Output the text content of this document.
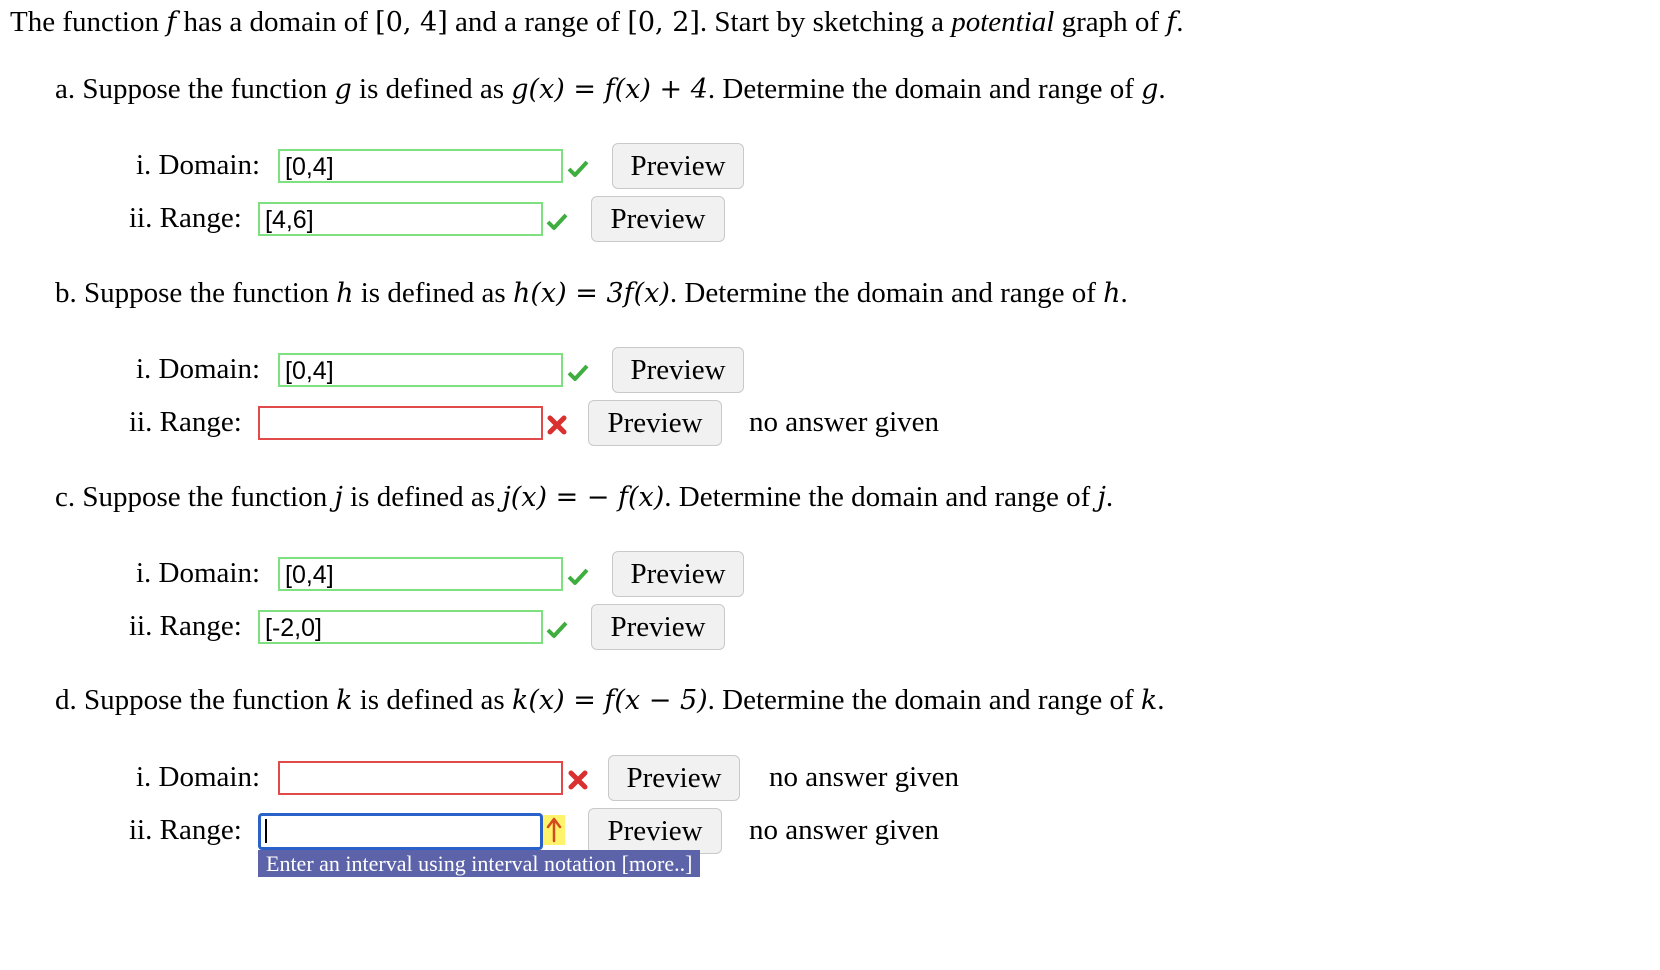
The function f has a domain of [0, 4] and a range of [0, 2]. Start by sketching a potential graph of f.
a. Suppose the function g is defined as g(x) = f(x) + 4. Determine the domain and range of g.
i. Domain: [0,4]	Preview
ii. Range: [4,6]	Preview
b. Suppose the function h is defined as h(x) = 3f(x). Determine the domain and range of h.
i. Domain: [0,4]	Preview
ii. Range:	Preview	no answer given
c. Suppose the function j is defined as j(x) = − f(x). Determine the domain and range of j.
i. Domain: [0,4]	Preview
ii. Range: [-2,0]	Preview
d. Suppose the function k is defined as k(x) = f(x − 5). Determine the domain and range of k.
i. Domain:	Preview	no answer given
ii. Range:	Preview	no answer given
Enter an interval using interval notation [more..]
